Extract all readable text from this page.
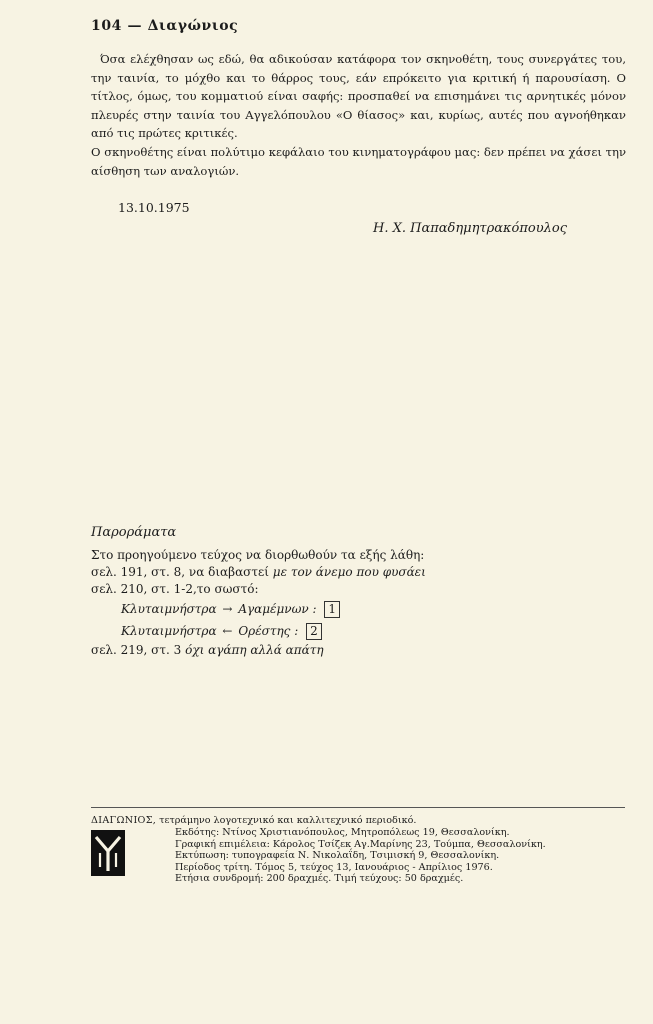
104 — Διαγώνιος

Όσα ελέχθησαν ως εδώ, θα αδικούσαν κατάφορα τον σκηνοθέτη, τους συνεργάτες του, την ταινία, το μόχθο και το θάρρος τους, εάν επρόκειτο για κριτική ή παρουσίαση. Ο τίτλος, όμως, του κομματιού είναι σαφής: προσπαθεί να επισημάνει τις αρνητικές μόνον πλευρές στην ταινία του Αγγελόπουλου «Ο θίασος» και, κυρίως, αυτές που αγνοήθηκαν από τις πρώτες κριτικές.

Ο σκηνοθέτης είναι πολύτιμο κεφάλαιο του κινηματογράφου μας: δεν πρέπει να χάσει την αίσθηση των αναλογιών.

13.10.1975
Η. Χ. Παπαδημητρακόπουλος
Παροράματα
Στο προηγούμενο τεύχος να διορθωθούν τα εξής λάθη:
σελ. 191, στ. 8, να διαβαστεί με τον άνεμο που φυσάει
σελ. 210, στ. 1-2,το σωστό:
Κλυταιμνήστρα → Αγαμέμνων : 1
Κλυταιμνήστρα ← Ορέστης : 2
σελ. 219, στ. 3 όχι αγάπη αλλά απάτη
ΔΙΑΓΩΝΙΟΣ, τετράμηνο λογοτεχνικό και καλλιτεχνικό περιοδικό.
Εκδότης: Ντίνος Χριστιανόπουλος, Μητροπόλεως 19, Θεσσαλονίκη.
Γραφική επιμέλεια: Κάρολος Τσίζεκ Αγ.Μαρίνης 23, Τούμπα, Θεσσαλονίκη.
Εκτύπωση: τυπογραφεία Ν. Νικολαΐδη, Τσιμισκή 9, Θεσσαλονίκη.
Περίοδος τρίτη. Τόμος 5, τεύχος 13, Ιανουάριος - Απρίλιος 1976.
Ετήσια συνδρομή: 200 δραχμές. Τιμή τεύχους: 50 δραχμές.
